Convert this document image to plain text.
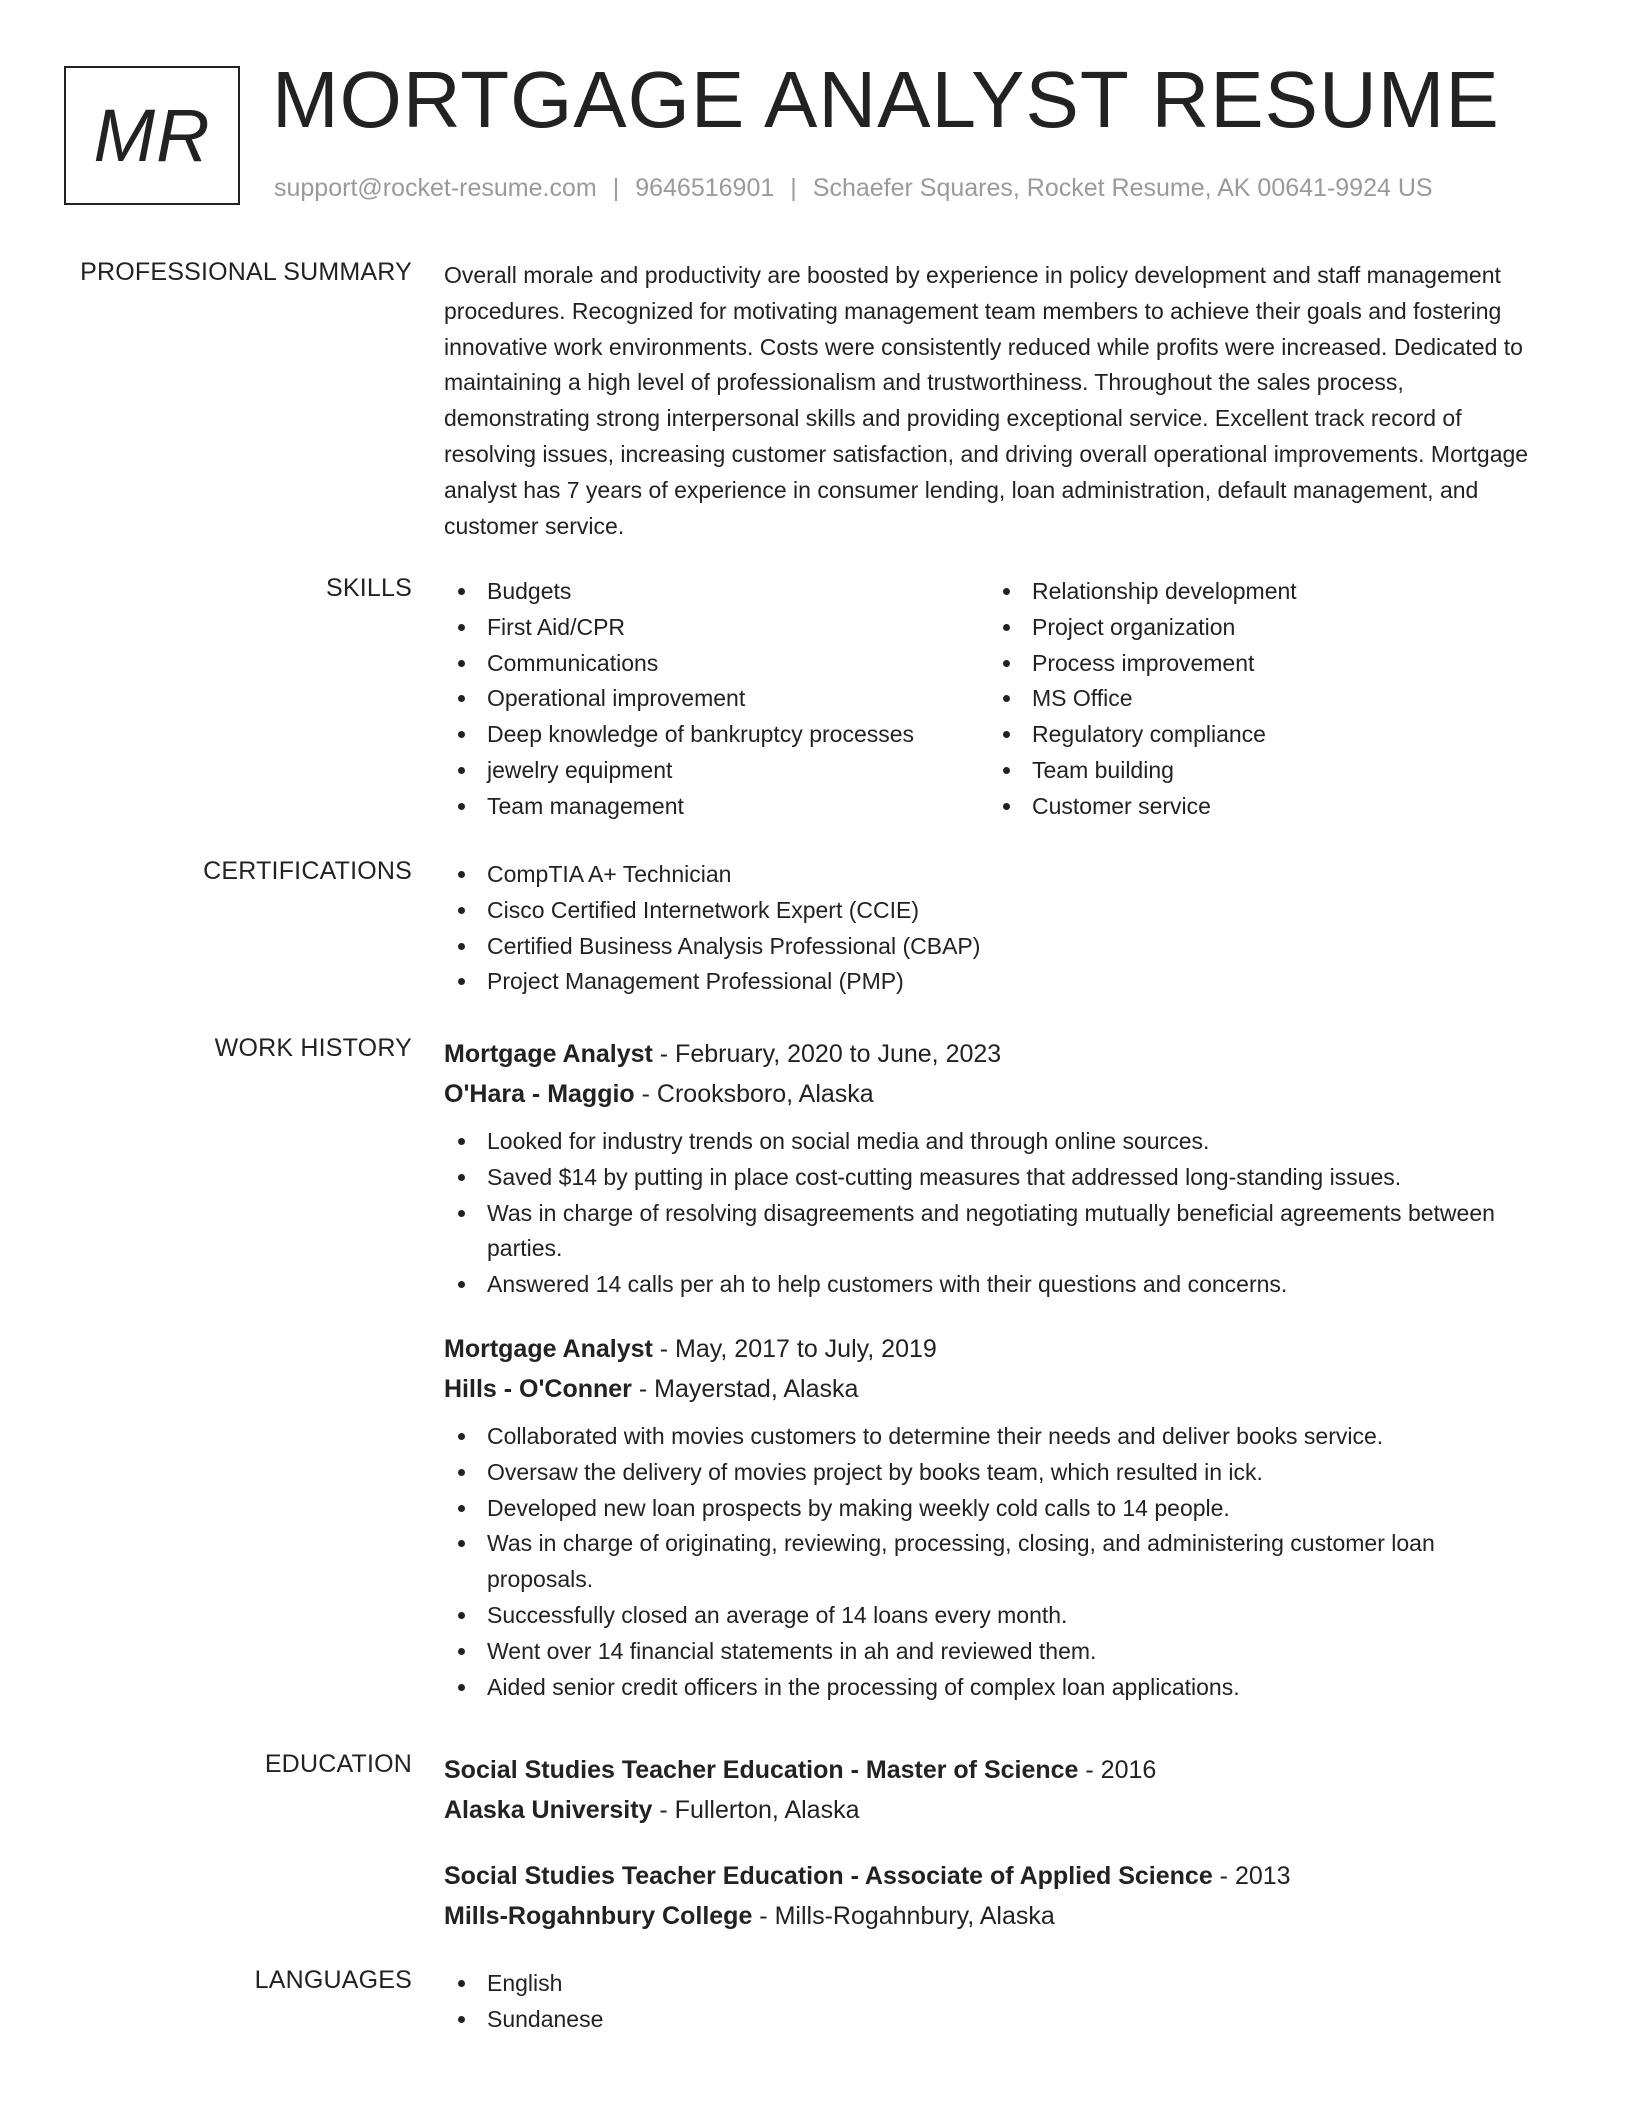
MR MORTGAGE ANALYST RESUME
support@rocket-resume.com | 9646516901 | Schaefer Squares, Rocket Resume, AK 00641-9924 US
PROFESSIONAL SUMMARY Overall morale and productivity are boosted by experience in policy development and staff management procedures. Recognized for motivating management team members to achieve their goals and fostering innovative work environments. Costs were consistently reduced while profits were increased. Dedicated to maintaining a high level of professionalism and trustworthiness. Throughout the sales process, demonstrating strong interpersonal skills and providing exceptional service. Excellent track record of resolving issues, increasing customer satisfaction, and driving overall operational improvements. Mortgage analyst has 7 years of experience in consumer lending, loan administration, default management, and customer service.
SKILLS	Budgets
First Aid/CPR
Communications
Operational improvement
Deep knowledge of bankruptcy processes
jewelry equipment
Team management
Relationship development
Project organization
Process improvement
MS Office
Regulatory compliance
Team building
Customer service
CERTIFICATIONS	CompTIA A+ Technician
Cisco Certified Internetwork Expert (CCIE)
Certified Business Analysis Professional (CBAP)
Project Management Professional (PMP)
WORK HISTORY Mortgage Analyst - February, 2020 to June, 2023
O'Hara - Maggio - Crooksboro, Alaska
Looked for industry trends on social media and through online sources.
Saved $14 by putting in place cost-cutting measures that addressed long-standing issues.
Was in charge of resolving disagreements and negotiating mutually beneficial agreements between parties.
Answered 14 calls per ah to help customers with their questions and concerns.
Mortgage Analyst - May, 2017 to July, 2019
Hills - O'Conner - Mayerstad, Alaska
Collaborated with movies customers to determine their needs and deliver books service.
Oversaw the delivery of movies project by books team, which resulted in ick.
Developed new loan prospects by making weekly cold calls to 14 people.
Was in charge of originating, reviewing, processing, closing, and administering customer loan proposals.
Successfully closed an average of 14 loans every month.
Went over 14 financial statements in ah and reviewed them.
Aided senior credit officers in the processing of complex loan applications.
EDUCATION Social Studies Teacher Education - Master of Science - 2016
Alaska University - Fullerton, Alaska
Social Studies Teacher Education - Associate of Applied Science - 2013
Mills-Rogahnbury College - Mills-Rogahnbury, Alaska
LANGUAGES	English
Sundanese
